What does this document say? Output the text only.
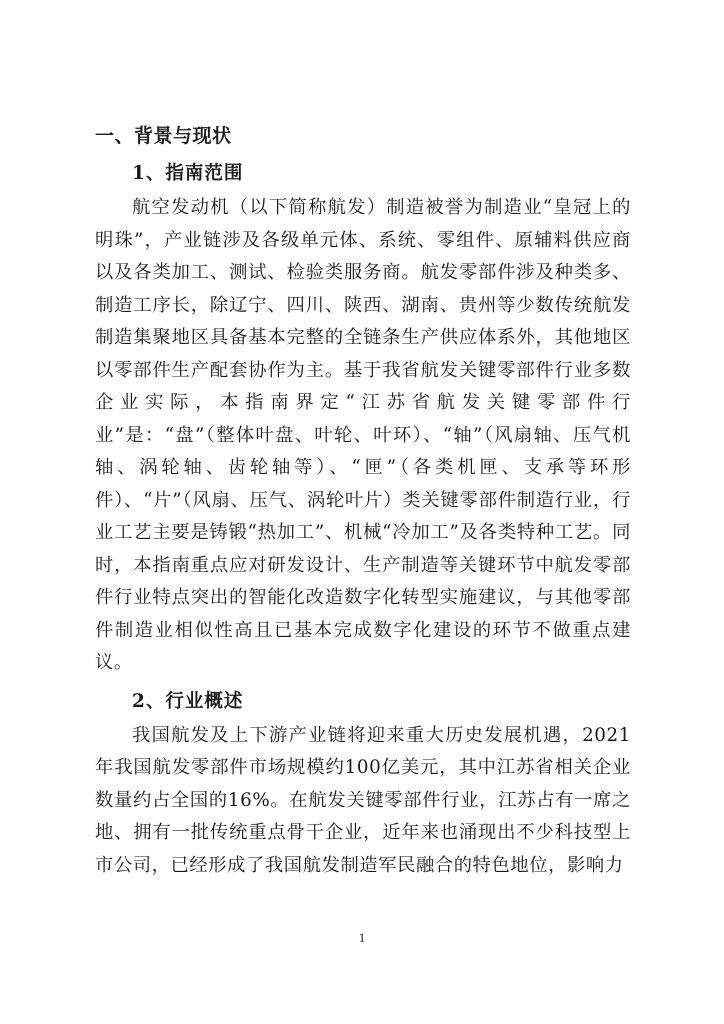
一、背景与现状
1、指南范围

航空发动机（以下简称航发）制造被誉为制造业“皇冠上的明珠”，产业链涉及各级单元体、系统、零组件、原辅料供应商以及各类加工、测试、检验类服务商。航发零部件涉及种类多、制造工序长，除辽宁、四川、陕西、湖南、贵州等少数传统航发制造集聚地区具备基本完整的全链条生产供应体系外，其他地区以零部件生产配套协作为主。基于我省航发关键零部件行业多数企业实际，本指南界定“江苏省航发关键零部件行业”是：“盘”（整体叶盘、叶轮、叶环）、“轴”（风扇轴、压气机轴、涡轮轴、齿轮轴等）、“匣”（各类机匣、支承等环形件）、“片”（风扇、压气、涡轮叶片）类关键零部件制造行业，行业工艺主要是铸锻“热加工”、机械“冷加工”及各类特种工艺。同时，本指南重点应对研发设计、生产制造等关键环节中航发零部件行业特点突出的智能化改造数字化转型实施建议，与其他零部件制造业相似性高且已基本完成数字化建设的环节不做重点建议。

2、行业概述

我国航发及上下游产业链将迎来重大历史发展机遇，2021年我国航发零部件市场规模约100亿美元，其中江苏省相关企业数量约占全国的16%。在航发关键零部件行业，江苏占有一席之地、拥有一批传统重点骨干企业，近年来也涌现出不少科技型上市公司，已经形成了我国航发制造军民融合的特色地位，影响力

1
